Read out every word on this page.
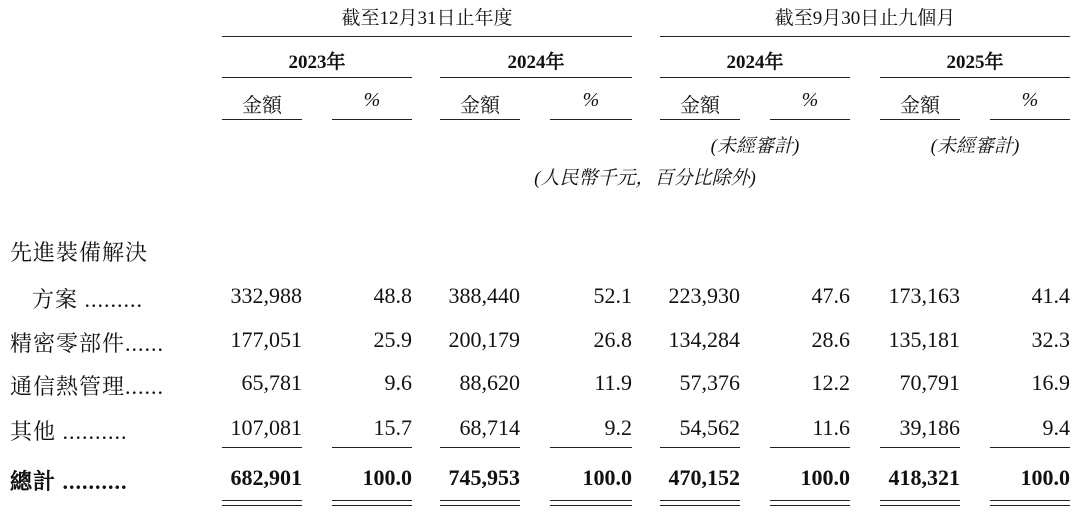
截至12月31日止年度	截至9月30日止九個月
2023年	2024年	2024年	2025年
金額	%	金額	%	金額	%	金額	%
(未經審計)	(未經審計)
(人民幣千元，百分比除外)
先進裝備解決
方案 .........	332,988	48.8	388,440	52.1	223,930	47.6	173,163	41.4
精密零部件......	177,051	25.9	200,179	26.8	134,284	28.6	135,181	32.3
通信熱管理......	65,781	9.6	88,620	11.9	57,376	12.2	70,791	16.9
其他 ..........	107,081	15.7	68,714	9.2	54,562	11.6	39,186	9.4
總計 ..........	682,901	100.0	745,953	100.0	470,152	100.0	418,321	100.0
